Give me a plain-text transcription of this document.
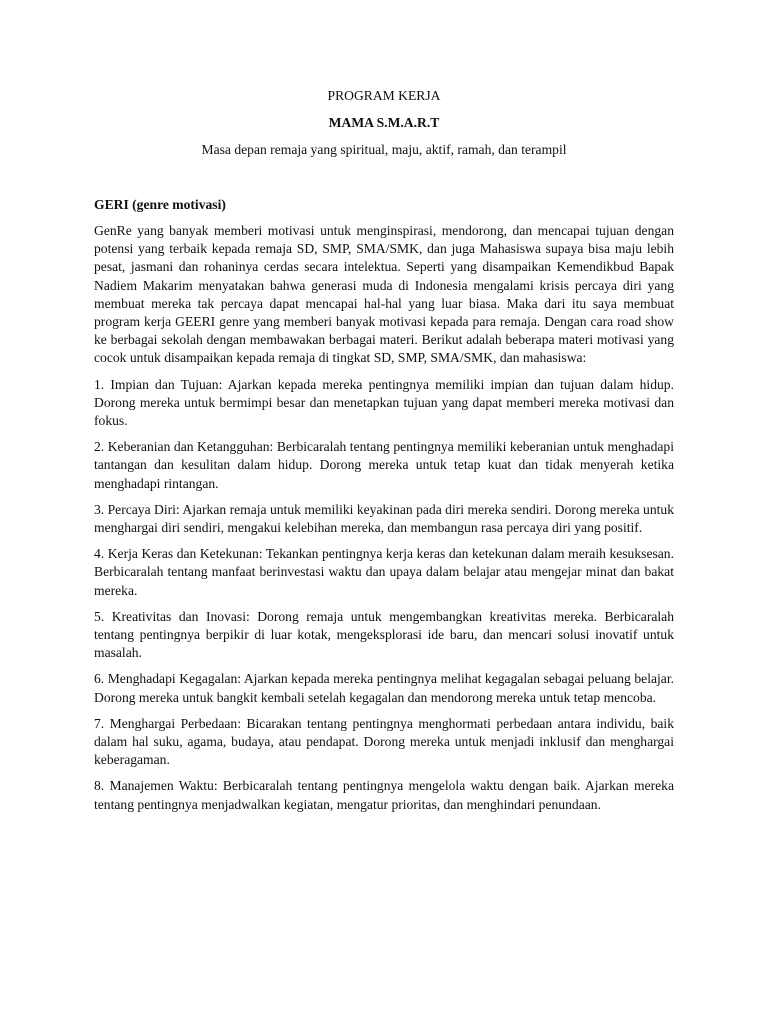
PROGRAM KERJA
MAMA S.M.A.R.T

Masa depan remaja yang spiritual, maju, aktif, ramah, dan terampil

GERI (genre motivasi)

GenRe yang banyak memberi motivasi untuk menginspirasi, mendorong, dan mencapai tujuan dengan potensi yang terbaik kepada remaja SD, SMP, SMA/SMK, dan juga Mahasiswa supaya bisa maju lebih pesat, jasmani dan rohaninya cerdas secara intelektua. Seperti yang disampaikan Kemendikbud Bapak Nadiem Makarim menyatakan bahwa generasi muda di Indonesia mengalami krisis percaya diri yang membuat mereka tak percaya dapat mencapai hal-hal yang luar biasa. Maka dari itu saya membuat program kerja GEERI genre yang memberi banyak motivasi kepada para remaja. Dengan cara road show ke berbagai sekolah dengan membawakan berbagai materi. Berikut adalah beberapa materi motivasi yang cocok untuk disampaikan kepada remaja di tingkat SD, SMP, SMA/SMK, dan mahasiswa:

1. Impian dan Tujuan: Ajarkan kepada mereka pentingnya memiliki impian dan tujuan dalam hidup. Dorong mereka untuk bermimpi besar dan menetapkan tujuan yang dapat memberi mereka motivasi dan fokus.

2. Keberanian dan Ketangguhan: Berbicaralah tentang pentingnya memiliki keberanian untuk menghadapi tantangan dan kesulitan dalam hidup. Dorong mereka untuk tetap kuat dan tidak menyerah ketika menghadapi rintangan.

3. Percaya Diri: Ajarkan remaja untuk memiliki keyakinan pada diri mereka sendiri. Dorong mereka untuk menghargai diri sendiri, mengakui kelebihan mereka, dan membangun rasa percaya diri yang positif.

4. Kerja Keras dan Ketekunan: Tekankan pentingnya kerja keras dan ketekunan dalam meraih kesuksesan. Berbicaralah tentang manfaat berinvestasi waktu dan upaya dalam belajar atau mengejar minat dan bakat mereka.

5. Kreativitas dan Inovasi: Dorong remaja untuk mengembangkan kreativitas mereka. Berbicaralah tentang pentingnya berpikir di luar kotak, mengeksplorasi ide baru, dan mencari solusi inovatif untuk masalah.

6. Menghadapi Kegagalan: Ajarkan kepada mereka pentingnya melihat kegagalan sebagai peluang belajar. Dorong mereka untuk bangkit kembali setelah kegagalan dan mendorong mereka untuk tetap mencoba.

7. Menghargai Perbedaan: Bicarakan tentang pentingnya menghormati perbedaan antara individu, baik dalam hal suku, agama, budaya, atau pendapat. Dorong mereka untuk menjadi inklusif dan menghargai keberagaman.

8. Manajemen Waktu: Berbicaralah tentang pentingnya mengelola waktu dengan baik. Ajarkan mereka tentang pentingnya menjadwalkan kegiatan, mengatur prioritas, dan menghindari penundaan.
